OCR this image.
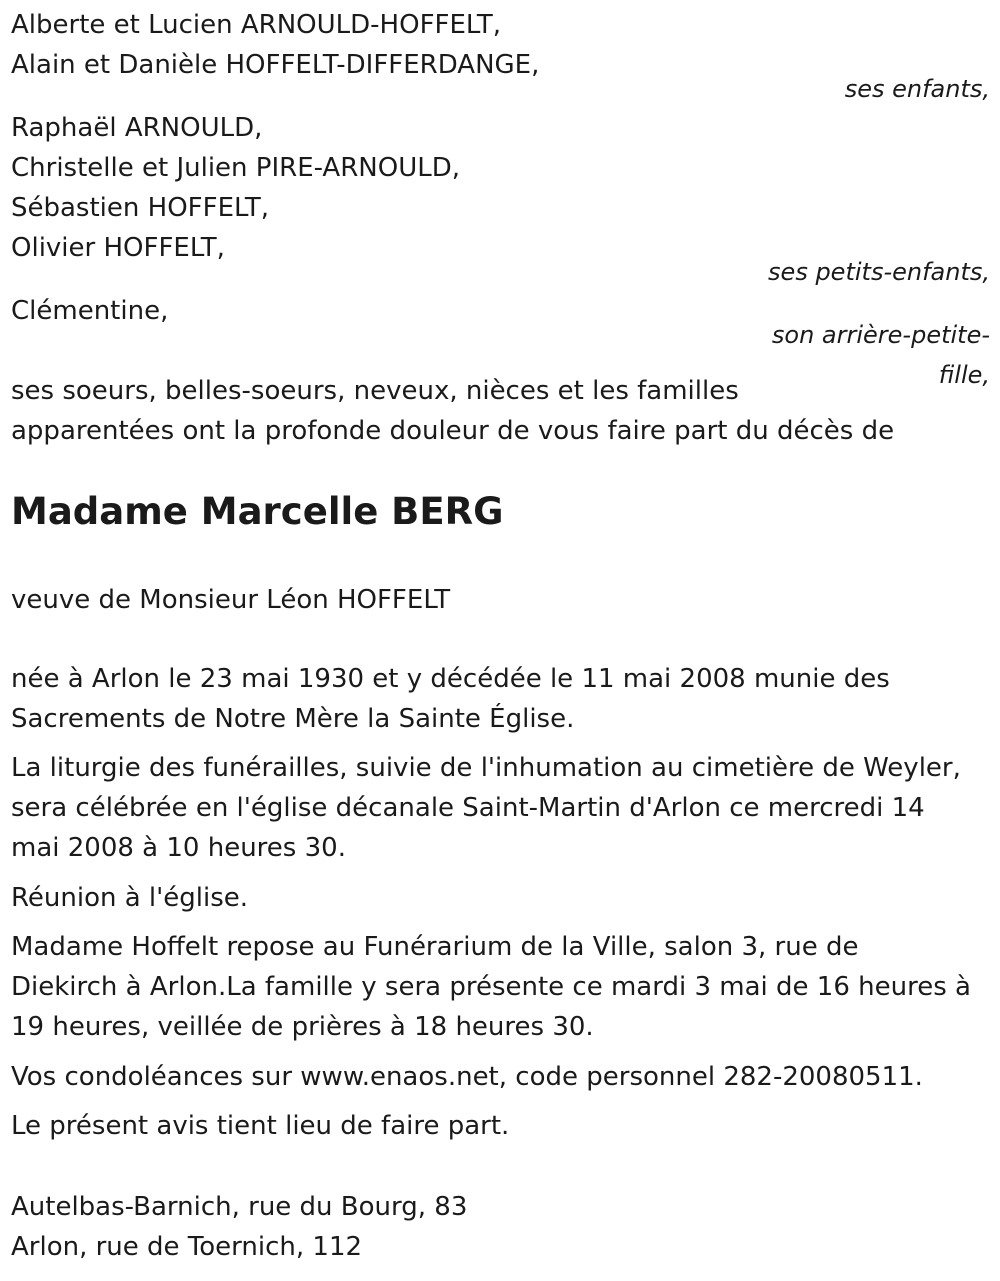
Alberte et Lucien ARNOULD-HOFFELT,
Alain et Danièle HOFFELT-DIFFERDANGE,
ses enfants,
Raphaël ARNOULD,
Christelle et Julien PIRE-ARNOULD,
Sébastien HOFFELT,
Olivier HOFFELT,
ses petits-enfants,
Clémentine,
son arrière-petite-
fille,
ses soeurs, belles-soeurs, neveux, nièces et les familles
apparentées ont la profonde douleur de vous faire part du décès de
Madame Marcelle BERG
veuve de Monsieur Léon HOFFELT
née à Arlon le 23 mai 1930 et y décédée le 11 mai 2008 munie des
Sacrements de Notre Mère la Sainte Église.
La liturgie des funérailles, suivie de l'inhumation au cimetière de Weyler,
sera célébrée en l'église décanale Saint-Martin d'Arlon ce mercredi 14
mai 2008 à 10 heures 30.
Réunion à l'église.
Madame Hoffelt repose au Funérarium de la Ville, salon 3, rue de
Diekirch à Arlon.La famille y sera présente ce mardi 3 mai de 16 heures à
19 heures, veillée de prières à 18 heures 30.
Vos condoléances sur www.enaos.net, code personnel 282-20080511.
Le présent avis tient lieu de faire part.
Autelbas-Barnich, rue du Bourg, 83
Arlon, rue de Toernich, 112
